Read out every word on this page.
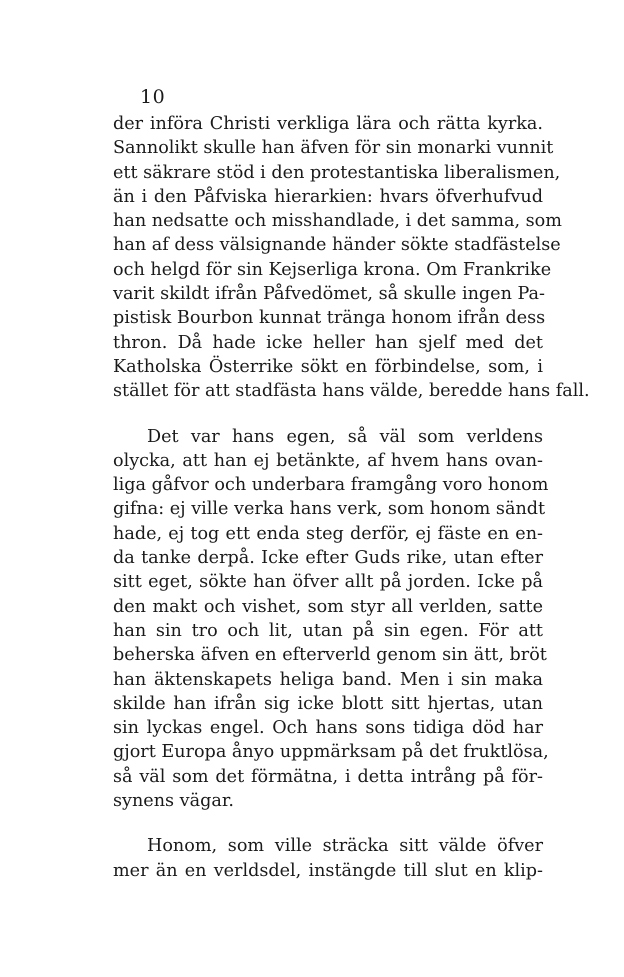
10
der införa Christi verkliga lära och rätta kyrka.
Sannolikt skulle han äfven för sin monarki vunnit
ett säkrare stöd i den protestantiska liberalismen,
än i den Påfviska hierarkien: hvars öfverhufvud
han nedsatte och misshandlade, i det samma, som
han af dess välsignande händer sökte stadfästelse
och helgd för sin Kejserliga krona. Om Frankrike
varit skildt ifrån Påfvedömet, så skulle ingen Pa-
pistisk Bourbon kunnat tränga honom ifrån dess
thron. Då hade icke heller han sjelf med det
Katholska Österrike sökt en förbindelse, som, i
stället för att stadfästa hans välde, beredde hans fall.
Det var hans egen, så väl som verldens
olycka, att han ej betänkte, af hvem hans ovan-
liga gåfvor och underbara framgång voro honom
gifna: ej ville verka hans verk, som honom sändt
hade, ej tog ett enda steg derför, ej fäste en en-
da tanke derpå. Icke efter Guds rike, utan efter
sitt eget, sökte han öfver allt på jorden. Icke på
den makt och vishet, som styr all verlden, satte
han sin tro och lit, utan på sin egen. För att
beherska äfven en efterverld genom sin ätt, bröt
han äktenskapets heliga band. Men i sin maka
skilde han ifrån sig icke blott sitt hjertas, utan
sin lyckas engel. Och hans sons tidiga död har
gjort Europa ånyo uppmärksam på det fruktlösa,
så väl som det förmätna, i detta intrång på för-
synens vägar.
Honom, som ville sträcka sitt välde öfver
mer än en verldsdel, instängde till slut en klip-
